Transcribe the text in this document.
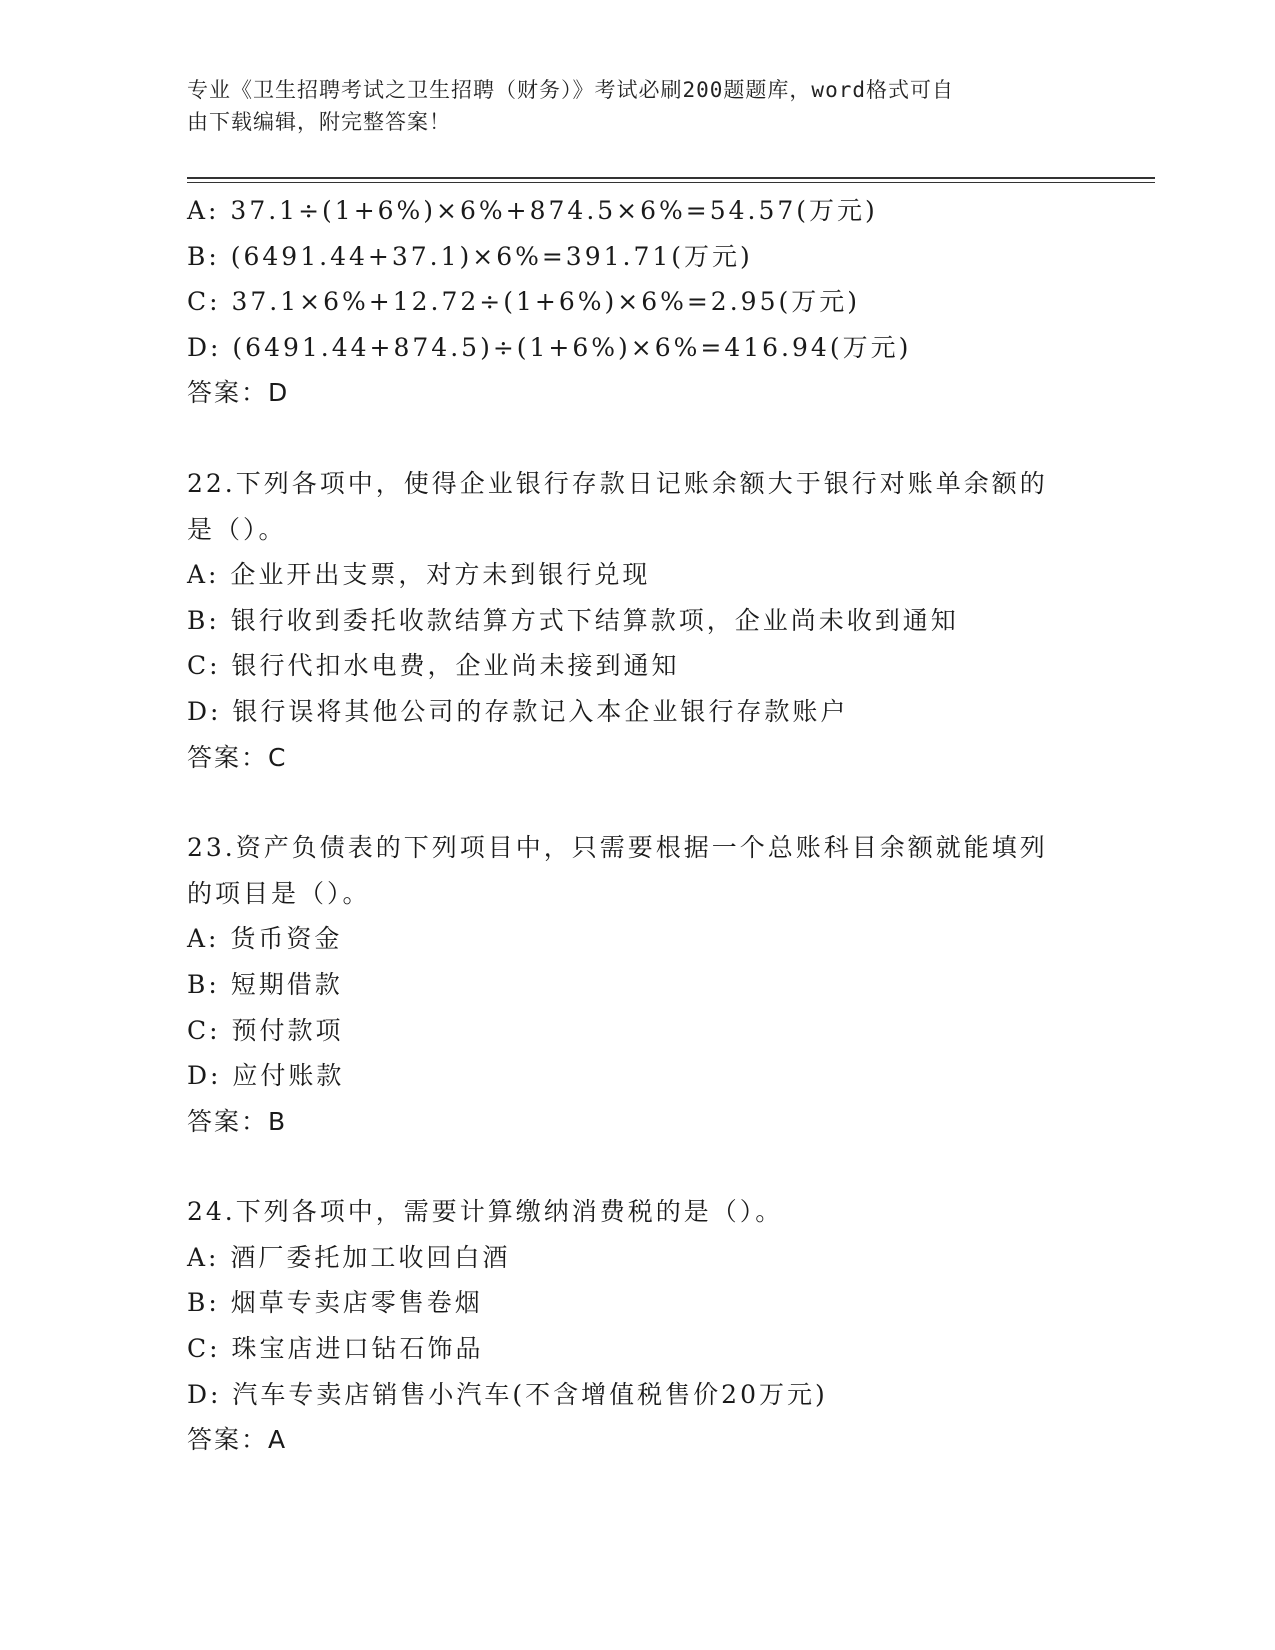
专业《卫生招聘考试之卫生招聘（财务）》考试必刷200题题库，word格式可自
由下载编辑，附完整答案！
A: 37.1÷(1+6%)×6%+874.5×6%=54.57(万元)
B: (6491.44+37.1)×6%=391.71(万元)
C: 37.1×6%+12.72÷(1+6%)×6%=2.95(万元)
D: (6491.44+874.5)÷(1+6%)×6%=416.94(万元)
答案：D
22.下列各项中，使得企业银行存款日记账余额大于银行对账单余额的
是（）。
A: 企业开出支票，对方未到银行兑现
B: 银行收到委托收款结算方式下结算款项，企业尚未收到通知
C: 银行代扣水电费，企业尚未接到通知
D: 银行误将其他公司的存款记入本企业银行存款账户
答案：C
23.资产负债表的下列项目中，只需要根据一个总账科目余额就能填列
的项目是（）。
A: 货币资金
B: 短期借款
C: 预付款项
D: 应付账款
答案：B
24.下列各项中，需要计算缴纳消费税的是（）。
A: 酒厂委托加工收回白酒
B: 烟草专卖店零售卷烟
C: 珠宝店进口钻石饰品
D: 汽车专卖店销售小汽车(不含增值税售价20万元)
答案：A
